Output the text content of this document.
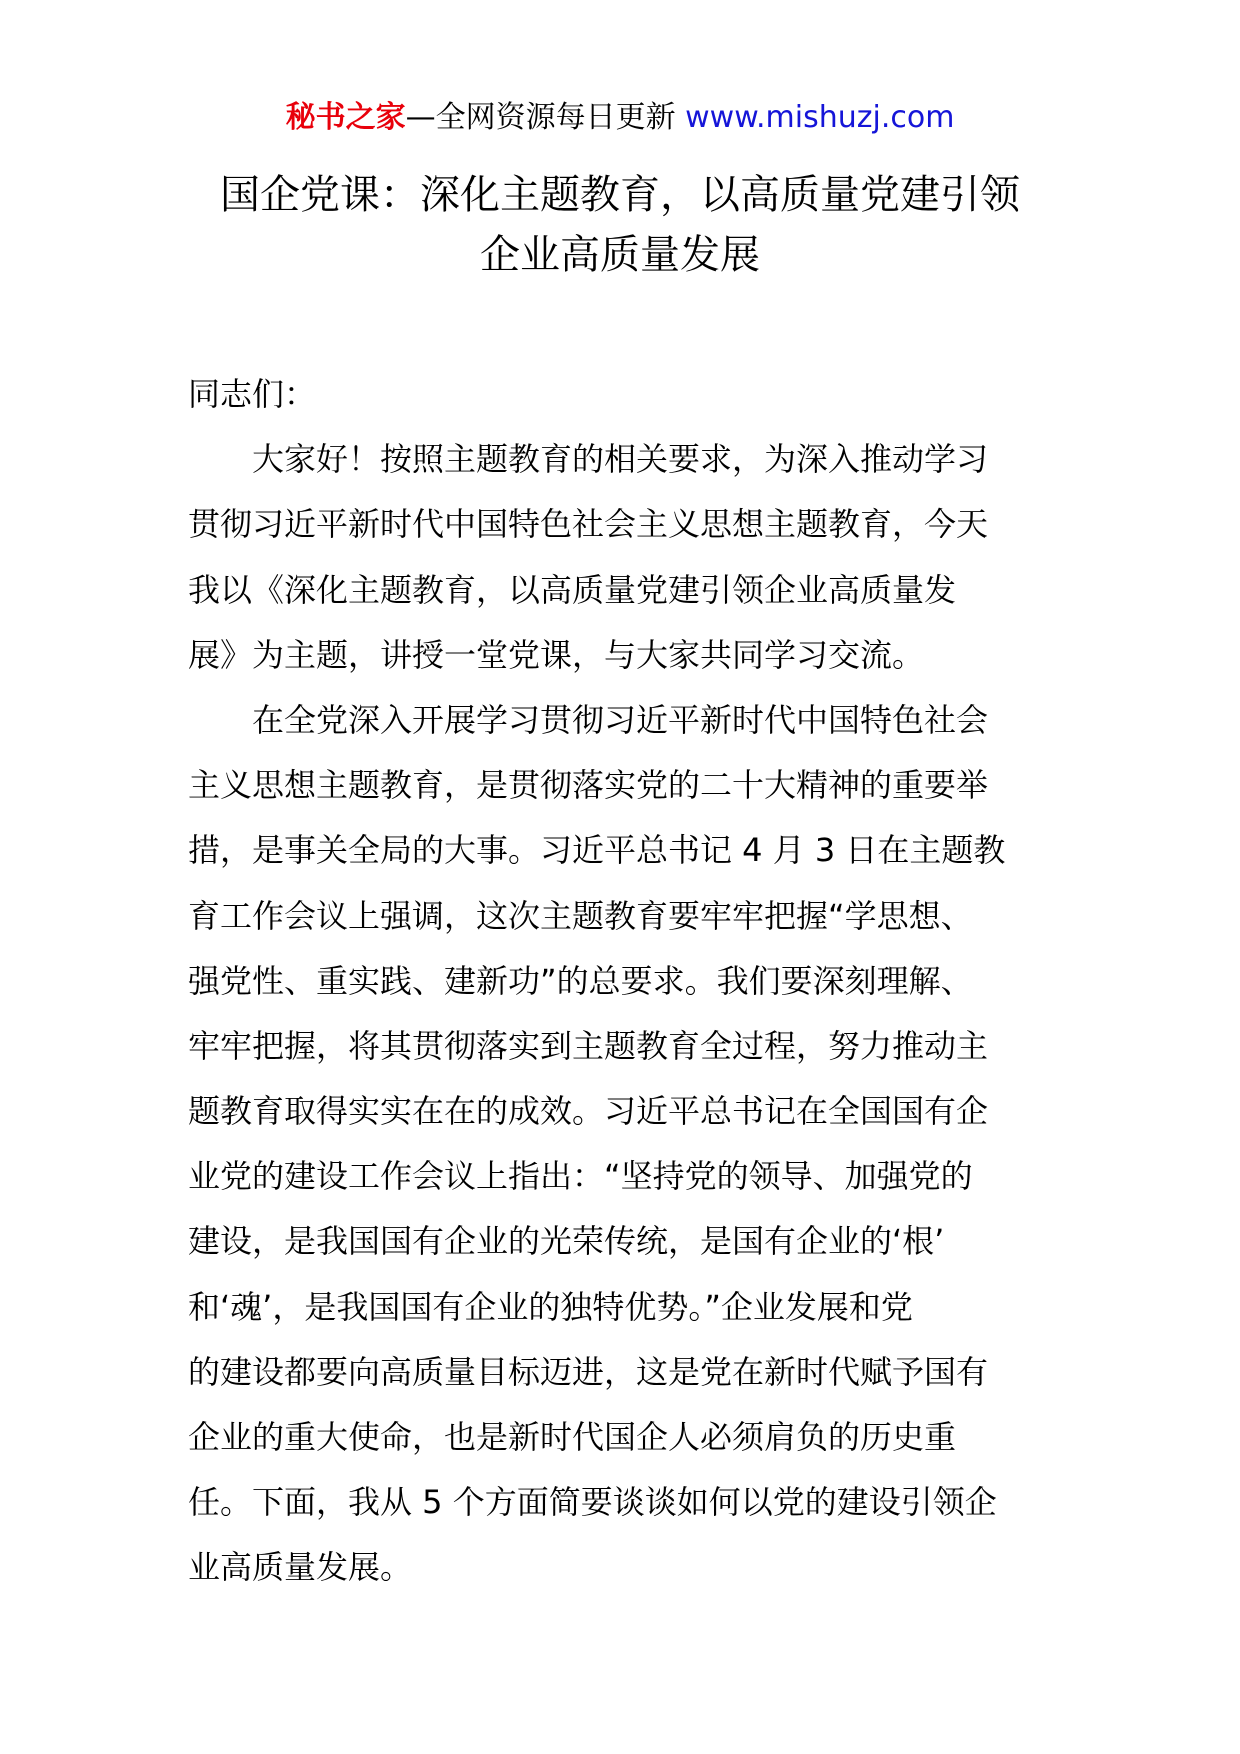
秘书之家—全网资源每日更新 www.mishuzj.com
国企党课：深化主题教育，以高质量党建引领
企业高质量发展
同志们：
　　大家好！按照主题教育的相关要求，为深入推动学习
贯彻习近平新时代中国特色社会主义思想主题教育，今天
我以《深化主题教育，以高质量党建引领企业高质量发
展》为主题，讲授一堂党课，与大家共同学习交流。
　　在全党深入开展学习贯彻习近平新时代中国特色社会
主义思想主题教育，是贯彻落实党的二十大精神的重要举
措，是事关全局的大事。习近平总书记 4 月 3 日在主题教
育工作会议上强调，这次主题教育要牢牢把握“学思想、
强党性、重实践、建新功”的总要求。我们要深刻理解、
牢牢把握，将其贯彻落实到主题教育全过程，努力推动主
题教育取得实实在在的成效。习近平总书记在全国国有企
业党的建设工作会议上指出：“坚持党的领导、加强党的
建设，是我国国有企业的光荣传统，是国有企业的‘根’
和‘魂’，是我国国有企业的独特优势。”企业发展和党
的建设都要向高质量目标迈进，这是党在新时代赋予国有
企业的重大使命，也是新时代国企人必须肩负的历史重
任。下面，我从 5 个方面简要谈谈如何以党的建设引领企
业高质量发展。
